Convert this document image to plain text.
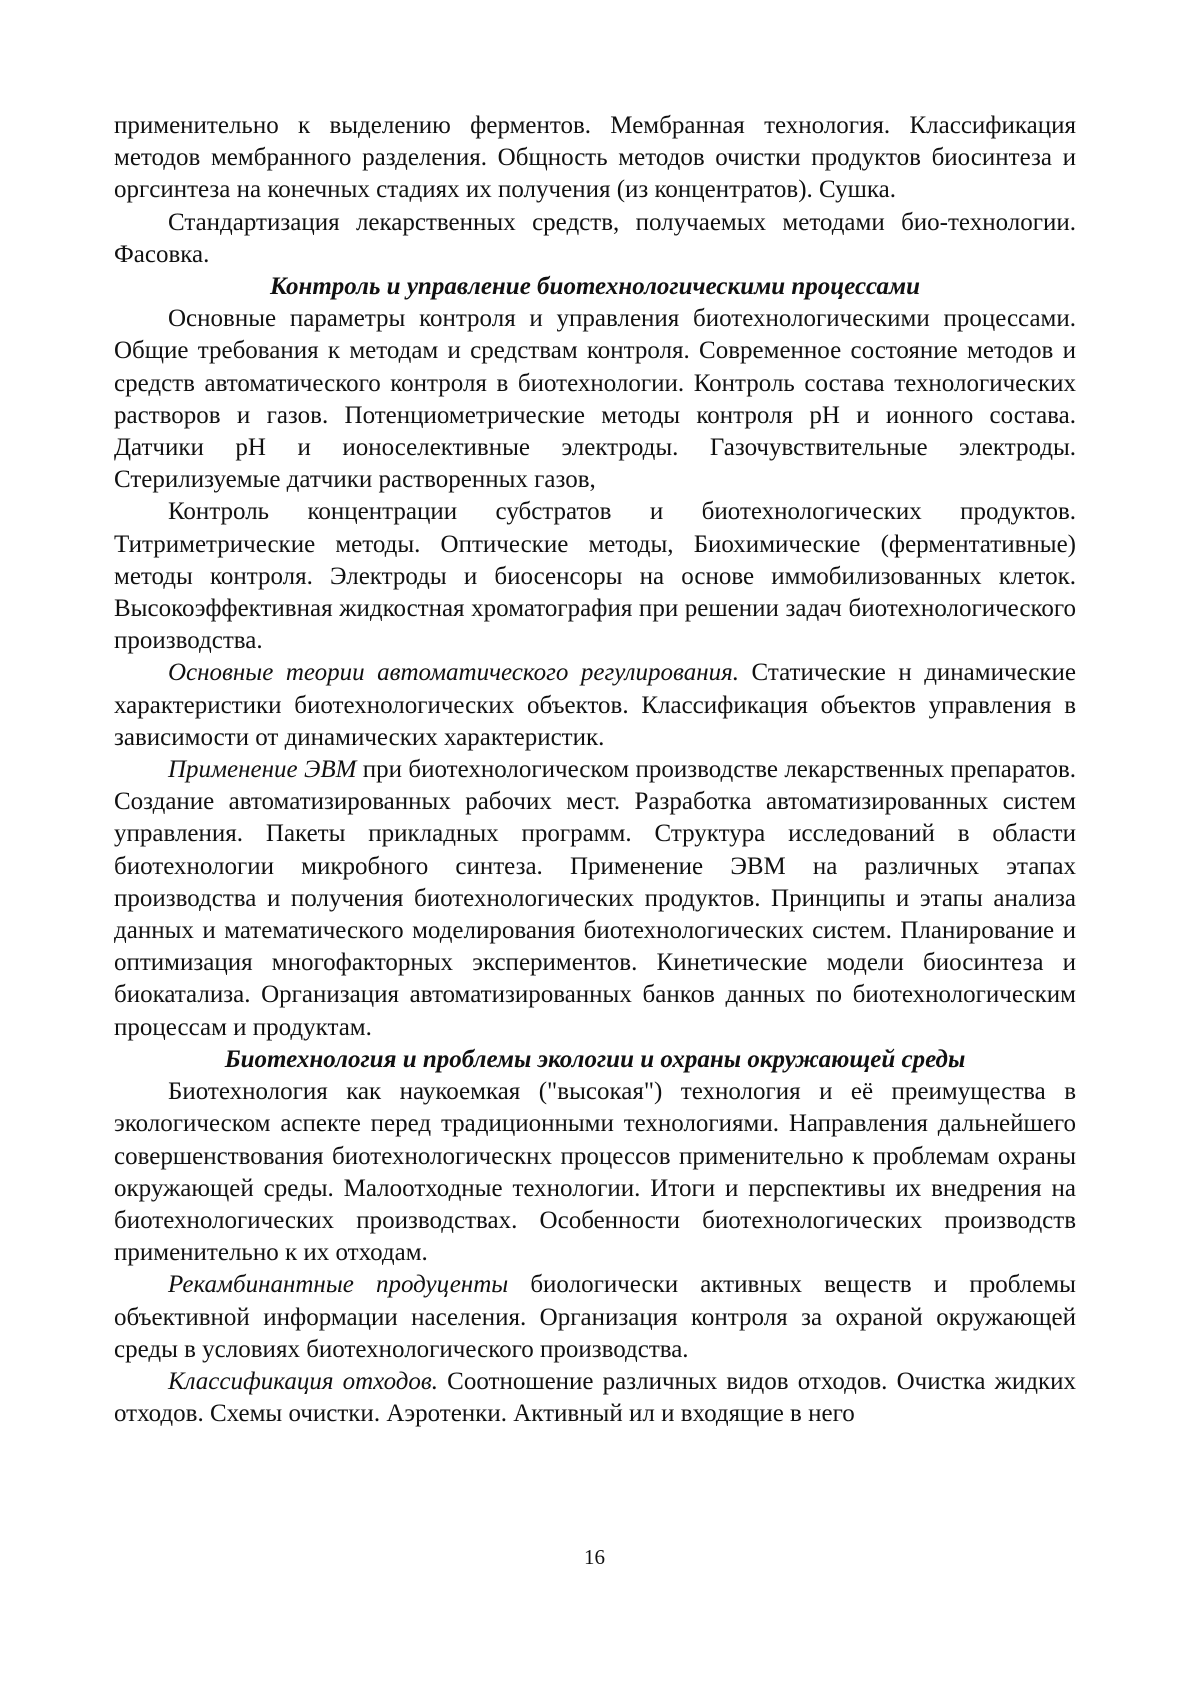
применительно к выделению ферментов. Мембранная технология. Классификация методов мембранного разделения. Общность методов очистки продуктов биосинтеза и оргсинтеза на конечных стадиях их получения (из концентратов). Сушка.

Стандартизация лекарственных средств, получаемых методами био-технологии. Фасовка.

Контроль и управление биотехнологическими процессами

Основные параметры контроля и управления биотехнологическими процессами. Общие требования к методам и средствам контроля. Современное состояние методов и средств автоматического контроля в биотехнологии. Контроль состава технологических растворов и газов. Потенциометрические методы контроля рН и ионного состава. Датчики рН и ионоселективные электроды. Газочувствительные электроды. Стерилизуемые датчики растворенных газов,

Контроль концентрации субстратов и биотехнологических продуктов. Титриметрические методы. Оптические методы, Биохимические (ферментативные) методы контроля. Электроды и биосенсоры на основе иммобилизованных клеток. Высокоэффективная жидкостная хроматография при решении задач биотехнологического производства.

Основные теории автоматического регулирования. Статические н динамические характеристики биотехнологических объектов. Классификация объектов управления в зависимости от динамических характеристик.

Применение ЭВМ при биотехнологическом производстве лекарственных препаратов. Создание автоматизированных рабочих мест. Разработка автоматизированных систем управления. Пакеты прикладных программ. Структура исследований в области биотехнологии микробного синтеза. Применение ЭВМ на различных этапах производства и получения биотехнологических продуктов. Принципы и этапы анализа данных и математического моделирования биотехнологических систем. Планирование и оптимизация многофакторных экспериментов. Кинетические модели биосинтеза и биокатализа. Организация автоматизированных банков данных по биотехнологическим процессам и продуктам.

Биотехнология и проблемы экологии и охраны окружающей среды

Биотехнология как наукоемкая ("высокая") технология и её преимущества в экологическом аспекте перед традиционными технологиями. Направления дальнейшего совершенствования биотехнологическнх процессов применительно к проблемам охраны окружающей среды. Малоотходные технологии. Итоги и перспективы их внедрения на биотехнологических производствах. Особенности биотехнологических производств применительно к их отходам.

Рекамбинантные продуценты биологически активных веществ и проблемы объективной информации населения. Организация контроля за охраной окружающей среды в условиях биотехнологического производства.

Классификация отходов. Соотношение различных видов отходов. Очистка жидких отходов. Схемы очистки. Аэротенки. Активный ил и входящие в него

16
